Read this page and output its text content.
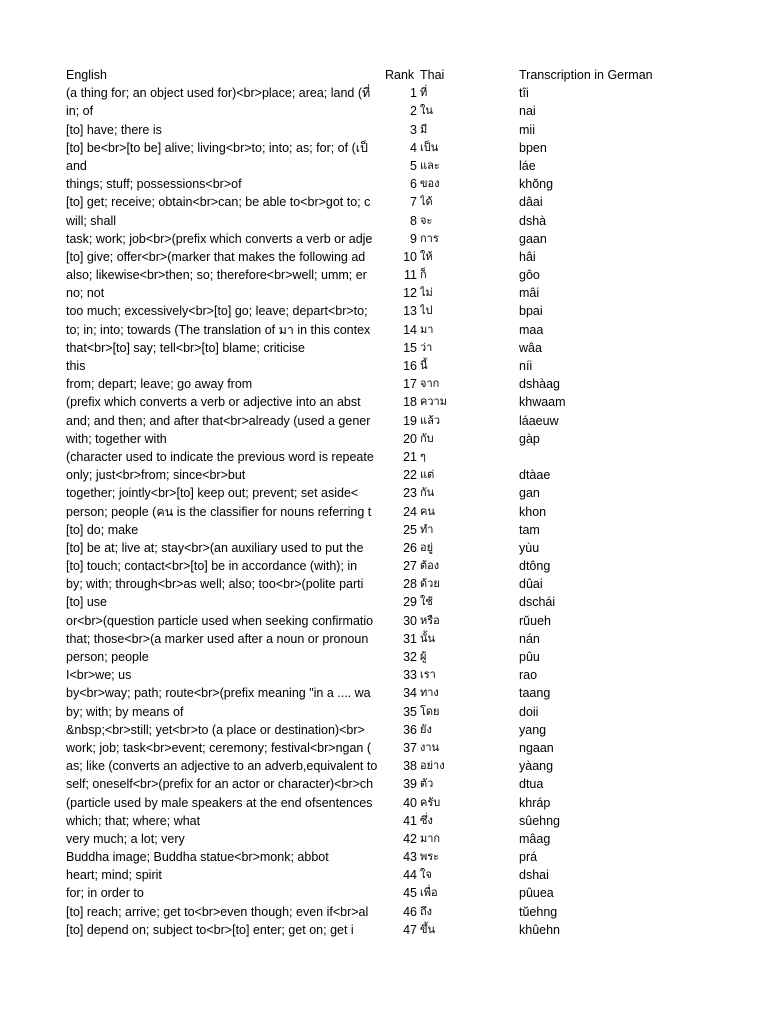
English	Rank Thai	Transcription in German
(a thing for; an object used for)<br>place; area; land (ที่	1 ที่	tîi
in; of	2 ใน	nai
[to] have; there is	3 มี	mii
[to] be<br>[to be] alive; living<br>to; into; as; for; of (เป็	4 เป็น	bpen
and	5 และ	láe
things; stuff; possessions<br>of	6 ของ	khŏng
[to] get; receive; obtain<br>can; be able to<br>got to; c	7 ได้	dâai
will; shall	8 จะ	dshà
task; work; job<br>(prefix which converts a verb or adje	9 การ	gaan
[to] give; offer<br>(marker that makes the following ad	10 ให้	hâi
also; likewise<br>then; so; therefore<br>well; umm; er	11 ก็	gôo
no; not	12 ไม่	mâi
too much; excessively<br>[to] go; leave; depart<br>to;	13 ไป	bpai
to; in; into; towards (The translation of มา in this contex	14 มา	maa
that<br>[to] say; tell<br>[to] blame; criticise	15 ว่า	wâa
this	16 นี้	níi
from; depart; leave; go away from	17 จาก	dshàag
(prefix which converts a verb or adjective into an abst	18 ความ	khwaam
and; and then; and after that<br>already (used a gener	19 แล้ว	láaeuw
with; together with	20 กับ	gàp
(character used to indicate the previous word is repeate	21 ๆ
only; just<br>from; since<br>but	22 แต่	dtàae
together; jointly<br>[to] keep out; prevent; set aside<	23 กัน	gan
person; people (คน is the classifier for nouns referring t	24 คน	khon
[to] do; make	25 ทำ	tam
[to] be at; live at; stay<br>(an auxiliary used to put the	26 อยู่	yùu
[to] touch; contact<br>[to] be in accordance (with); in	27 ต้อง	dtông
by; with; through<br>as well; also; too<br>(polite parti	28 ด้วย	dûai
[to] use	29 ใช้	dschái
or<br>(question particle used when seeking confirmatio	30 หรือ	rŭueh
that; those<br>(a marker used after a noun or pronoun	31 นั้น	nán
person; people	32 ผู้	pûu
I<br>we; us	33 เรา	rao
by<br>way; path; route<br>(prefix meaning "in a .... wa	34 ทาง	taang
by; with; by means of	35 โดย	doii
&nbsp;<br>still; yet<br>to (a place or destination)<br>	36 ยัง	yang
work; job; task<br>event; ceremony; festival<br>ngan (	37 งาน	ngaan
as; like (converts an adjective to an adverb,equivalent to	38 อย่าง	yàang
self; oneself<br>(prefix for an actor or character)<br>ch	39 ตัว	dtua
(particle used by male speakers at the end ofsentences	40 ครับ	khráp
which; that; where; what	41 ซึ่ง	sûehng
very much; a lot; very	42 มาก	mâag
Buddha image; Buddha statue<br>monk; abbot	43 พระ	prá
heart; mind; spirit	44 ใจ	dshai
for; in order to	45 เพื่อ	pûuea
[to] reach; arrive; get to<br>even though; even if<br>al	46 ถึง	tŭehng
[to] depend on; subject to<br>[to] enter; get on; get i	47 ขึ้น	khûehn
